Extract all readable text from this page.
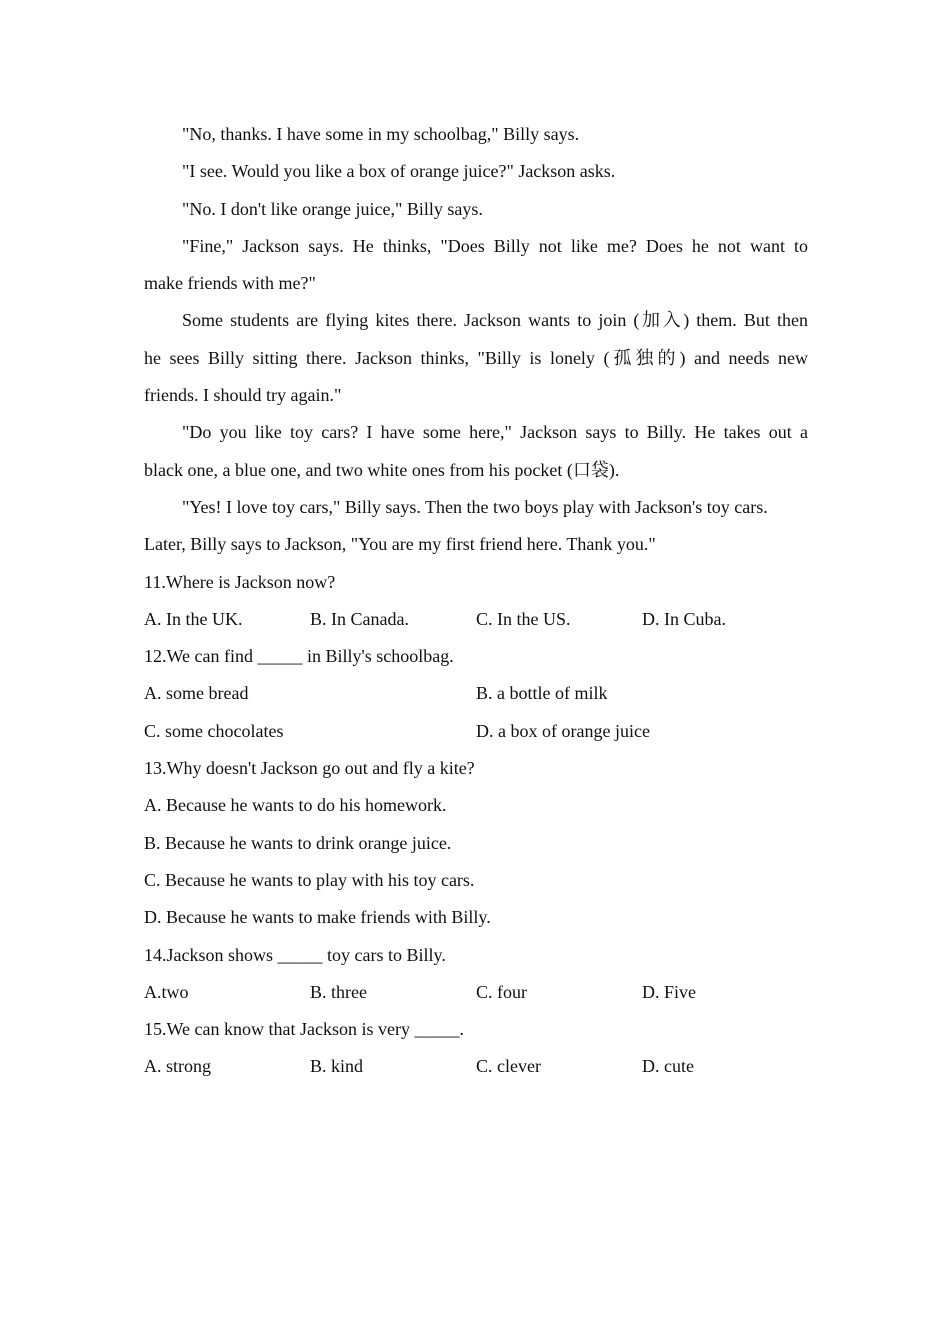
"No, thanks. I have some in my schoolbag," Billy says.
"I see. Would you like a box of orange juice?" Jackson asks.
"No. I don't like orange juice," Billy says.
"Fine," Jackson says. He thinks, "Does Billy not like me? Does he not want to
make friends with me?"
Some students are flying kites there. Jackson wants to join (加入) them. But then
he sees Billy sitting there. Jackson thinks, "Billy is lonely (孤独的) and needs new
friends. I should try again."
"Do you like toy cars? I have some here," Jackson says to Billy. He takes out a
black one, a blue one, and two white ones from his pocket (口袋).
"Yes! I love toy cars," Billy says. Then the two boys play with Jackson's toy cars.
Later, Billy says to Jackson, "You are my first friend here. Thank you."
11.Where is Jackson now?
A. In the UK.	B. In Canada.	C. In the US.	D. In Cuba.
12.We can find _____ in Billy's schoolbag.
A. some bread	B. a bottle of milk
C. some chocolates	D. a box of orange juice
13.Why doesn't Jackson go out and fly a kite?
A. Because he wants to do his homework.
B. Because he wants to drink orange juice.
C. Because he wants to play with his toy cars.
D. Because he wants to make friends with Billy.
14.Jackson shows _____ toy cars to Billy.
A.two	B. three	C. four	D. Five
15.We can know that Jackson is very _____.
A. strong	B. kind	C. clever	D. cute
